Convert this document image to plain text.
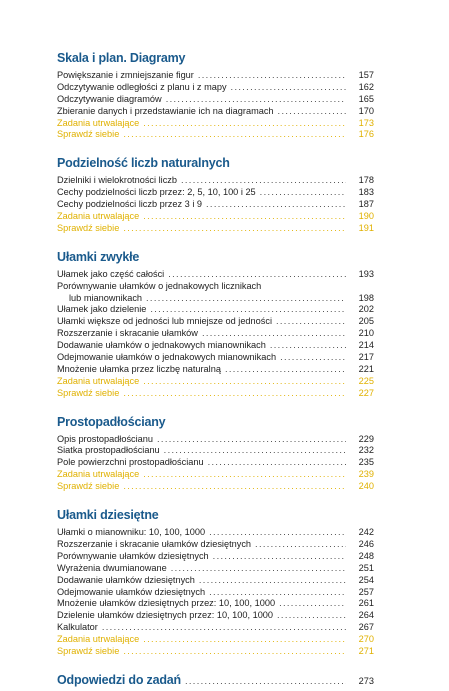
Skala i plan. Diagramy
Powiększanie i zmniejszanie figur . . .	157
Odczytywanie odległości z planu i z mapy . . .	162
Odczytywanie diagramów . . .	165
Zbieranie danych i przedstawianie ich na diagramach . . .	170
Zadania utrwalające . . .	173
Sprawdź siebie . . .	176
Podzielność liczb naturalnych
Dzielniki i wielokrotności liczb . . .	178
Cechy podzielności liczb przez: 2, 5, 10, 100 i 25 . . .	183
Cechy podzielności liczb przez 3 i 9 . . .	187
Zadania utrwalające . . .	190
Sprawdź siebie . . .	191
Ułamki zwykłe
Ułamek jako część całości . . .	193
Porównywanie ułamków o jednakowych licznikach
lub mianownikach . . .	198
Ułamek jako dzielenie . . .	202
Ułamki większe od jedności lub mniejsze od jedności . . .	205
Rozszerzanie i skracanie ułamków . . .	210
Dodawanie ułamków o jednakowych mianownikach . . .	214
Odejmowanie ułamków o jednakowych mianownikach . . .	217
Mnożenie ułamka przez liczbę naturalną . . .	221
Zadania utrwalające . . .	225
Sprawdź siebie . . .	227
Prostopadłościany
Opis prostopadłościanu . . .	229
Siatka prostopadłościanu . . .	232
Pole powierzchni prostopadłościanu . . .	235
Zadania utrwalające . . .	239
Sprawdź siebie . . .	240
Ułamki dziesiętne
Ułamki o mianowniku: 10, 100, 1000 . . .	242
Rozszerzanie i skracanie ułamków dziesiętnych . . .	246
Porównywanie ułamków dziesiętnych . . .	248
Wyrażenia dwumianowane . . .	251
Dodawanie ułamków dziesiętnych . . .	254
Odejmowanie ułamków dziesiętnych . . .	257
Mnożenie ułamków dziesiętnych przez: 10, 100, 1000 . . .	261
Dzielenie ułamków dziesiętnych przez: 10, 100, 1000 . . .	264
Kalkulator . . .	267
Zadania utrwalające . . .	270
Sprawdź siebie . . .	271
Odpowiedzi do zadań . . .	273
